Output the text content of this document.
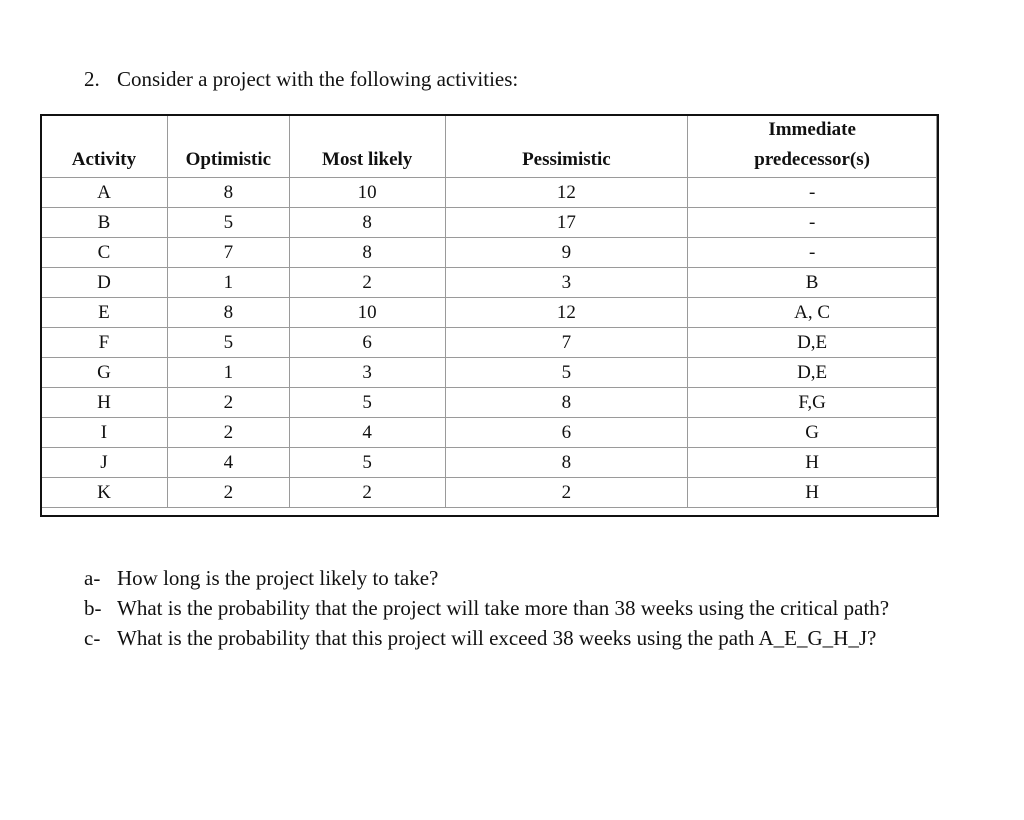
2. Consider a project with the following activities:
Activity	Optimistic	Most likely	Pessimistic	Immediate
predecessor(s)
A	8	10	12	-
B	5	8	17	-
C	7	8	9	-
D	1	2	3	B
E	8	10	12	A, C
F	5	6	7	D,E
G	1	3	5	D,E
H	2	5	8	F,G
I	2	4	6	G
J	4	5	8	H
K	2	2	2	H
a- How long is the project likely to take?
b- What is the probability that the project will take more than 38 weeks using the critical path?
c- What is the probability that this project will exceed 38 weeks using the path A_E_G_H_J?
